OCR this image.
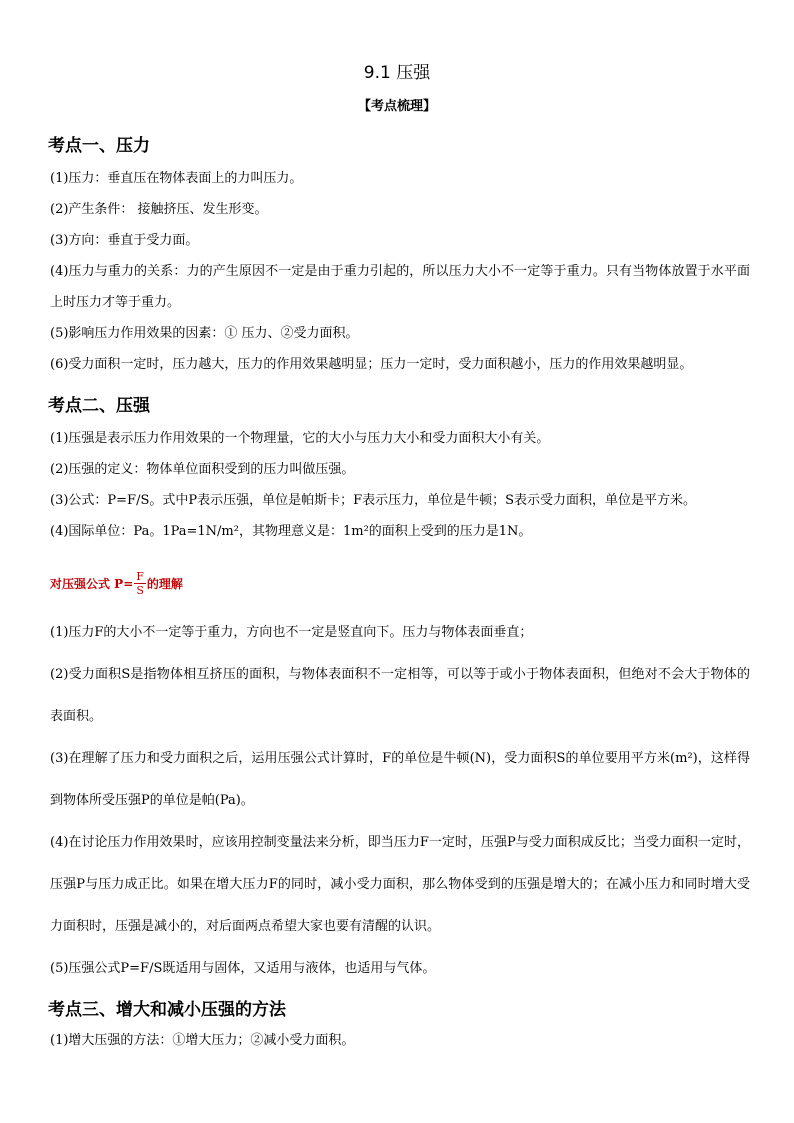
9.1 压强
【考点梳理】
考点一、压力

(1)压力：垂直压在物体表面上的力叫压力。

(2)产生条件： 接触挤压、发生形变。

(3)方向：垂直于受力面。

(4)压力与重力的关系：力的产生原因不一定是由于重力引起的，所以压力大小不一定等于重力。只有当物体放置于水平面上时压力才等于重力。

(5)影响压力作用效果的因素：① 压力、②受力面积。

(6)受力面积一定时，压力越大，压力的作用效果越明显；压力一定时，受力面积越小，压力的作用效果越明显。

考点二、压强

(1)压强是表示压力作用效果的一个物理量，它的大小与压力大小和受力面积大小有关。

(2)压强的定义：物体单位面积受到的压力叫做压强。

(3)公式：P=F/S。式中P表示压强，单位是帕斯卡；F表示压力，单位是牛顿；S表示受力面积，单位是平方米。

(4)国际单位：Pa。1Pa=1N/m²，其物理意义是：1m²的面积上受到的压力是1N。

对压强公式 $P= \frac{F}{S}$ 的理解

(1)压力F的大小不一定等于重力，方向也不一定是竖直向下。压力与物体表面垂直；

(2)受力面积S是指物体相互挤压的面积，与物体表面积不一定相等，可以等于或小于物体表面积，但绝对不会大于物体的表面积。

(3)在理解了压力和受力面积之后，运用压强公式计算时，F的单位是牛顿(N)，受力面积S的单位要用平方米(m²)，这样得到物体所受压强P的单位是帕(Pa)。

(4)在讨论压力作用效果时，应该用控制变量法来分析，即当压力F一定时，压强P与受力面积成反比；当受力面积一定时，压强P与压力成正比。如果在增大压力F的同时，减小受力面积，那么物体受到的压强是增大的；在减小压力和同时增大受力面积时，压强是减小的，对后面两点希望大家也要有清醒的认识。

(5)压强公式P=F/S既适用与固体，又适用与液体，也适用与气体。

考点三、增大和减小压强的方法

(1)增大压强的方法：①增大压力；②减小受力面积。
